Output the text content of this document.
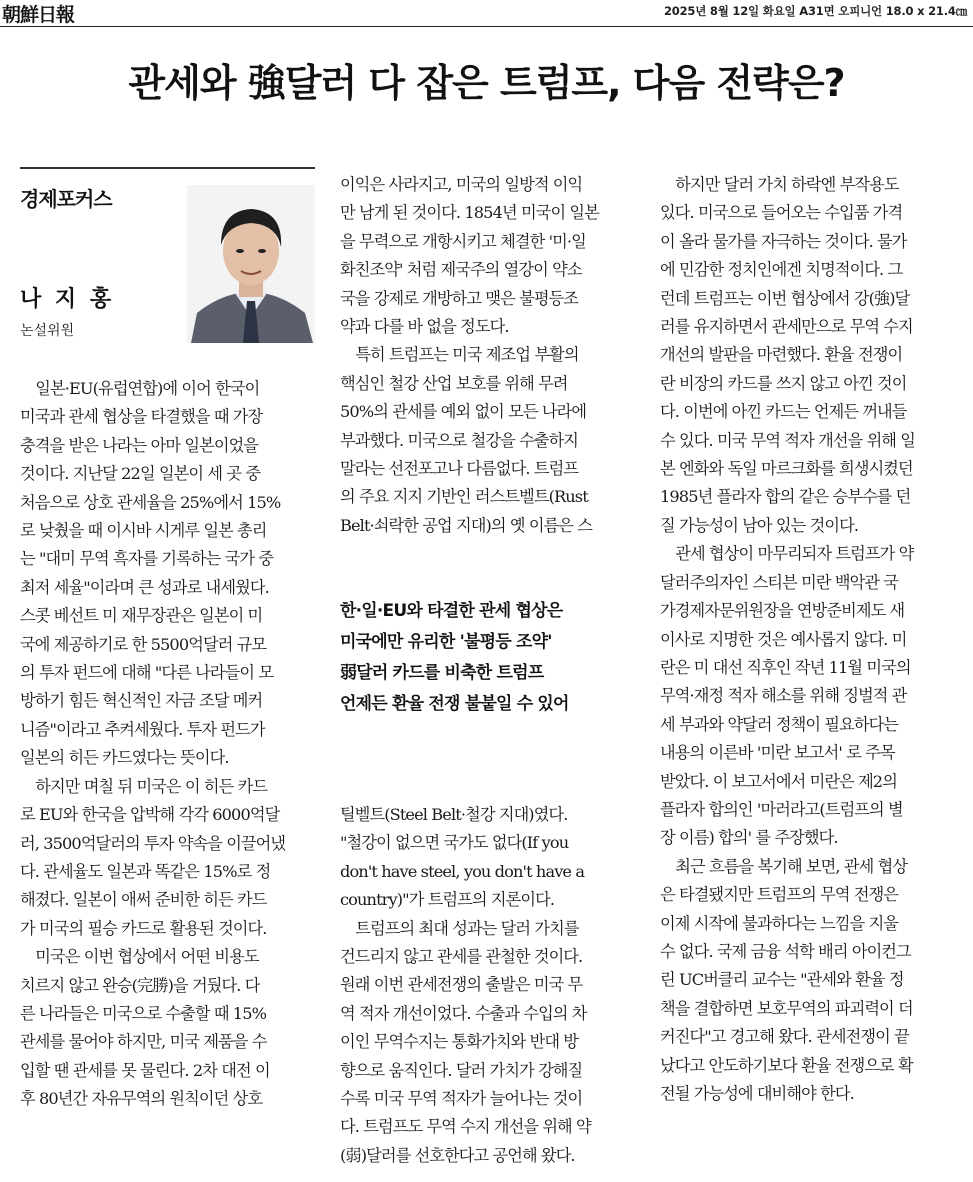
朝鮮日報	2025년 8월 12일 화요일 A31면 오피니언 18.0 x 21.4㎝
관세와 強달러 다 잡은 트럼프, 다음 전략은?
경제포커스
나 지 홍
논설위원

　일본·EU(유럽연합)에 이어 한국이

미국과 관세 협상을 타결했을 때 가장

충격을 받은 나라는 아마 일본이었을

것이다. 지난달 22일 일본이 세 곳 중

처음으로 상호 관세율을 25%에서 15%

로 낮췄을 때 이시바 시게루 일본 총리

는 "대미 무역 흑자를 기록하는 국가 중

최저 세율"이라며 큰 성과로 내세웠다.

스콧 베선트 미 재무장관은 일본이 미

국에 제공하기로 한 5500억달러 규모

의 투자 펀드에 대해 "다른 나라들이 모

방하기 힘든 혁신적인 자금 조달 메커

니즘"이라고 추켜세웠다. 투자 펀드가

일본의 히든 카드였다는 뜻이다.

　하지만 며칠 뒤 미국은 이 히든 카드

로 EU와 한국을 압박해 각각 6000억달

러, 3500억달러의 투자 약속을 이끌어냈

다. 관세율도 일본과 똑같은 15%로 정

해졌다. 일본이 애써 준비한 히든 카드

가 미국의 필승 카드로 활용된 것이다.

　미국은 이번 협상에서 어떤 비용도

치르지 않고 완승(完勝)을 거뒀다. 다

른 나라들은 미국으로 수출할 때 15%

관세를 물어야 하지만, 미국 제품을 수

입할 땐 관세를 못 물린다. 2차 대전 이

후 80년간 자유무역의 원칙이던 상호

이익은 사라지고, 미국의 일방적 이익

만 남게 된 것이다. 1854년 미국이 일본

을 무력으로 개항시키고 체결한 '미·일

화친조약' 처럼 제국주의 열강이 약소

국을 강제로 개방하고 맺은 불평등조

약과 다를 바 없을 정도다.

　특히 트럼프는 미국 제조업 부활의

핵심인 철강 산업 보호를 위해 무려

50%의 관세를 예외 없이 모든 나라에

부과했다. 미국으로 철강을 수출하지

말라는 선전포고나 다름없다. 트럼프

의 주요 지지 기반인 러스트벨트(Rust

Belt·쇠락한 공업 지대)의 옛 이름은 스

한·일·EU와 타결한 관세 협상은

미국에만 유리한 '불평등 조약'

弱달러 카드를 비축한 트럼프

언제든 환율 전쟁 불붙일 수 있어

틸벨트(Steel Belt·철강 지대)였다.

"철강이 없으면 국가도 없다(If you

don't have steel, you don't have a

country)"가 트럼프의 지론이다.

　트럼프의 최대 성과는 달러 가치를

건드리지 않고 관세를 관철한 것이다.

원래 이번 관세전쟁의 출발은 미국 무

역 적자 개선이었다. 수출과 수입의 차

이인 무역수지는 통화가치와 반대 방

향으로 움직인다. 달러 가치가 강해질

수록 미국 무역 적자가 늘어나는 것이

다. 트럼프도 무역 수지 개선을 위해 약

(弱)달러를 선호한다고 공언해 왔다.

　하지만 달러 가치 하락엔 부작용도

있다. 미국으로 들어오는 수입품 가격

이 올라 물가를 자극하는 것이다. 물가

에 민감한 정치인에겐 치명적이다. 그

런데 트럼프는 이번 협상에서 강(強)달

러를 유지하면서 관세만으로 무역 수지

개선의 발판을 마련했다. 환율 전쟁이

란 비장의 카드를 쓰지 않고 아낀 것이

다. 이번에 아낀 카드는 언제든 꺼내들

수 있다. 미국 무역 적자 개선을 위해 일

본 엔화와 독일 마르크화를 희생시켰던

1985년 플라자 합의 같은 승부수를 던

질 가능성이 남아 있는 것이다.

　관세 협상이 마무리되자 트럼프가 약

달러주의자인 스티븐 미란 백악관 국

가경제자문위원장을 연방준비제도 새

이사로 지명한 것은 예사롭지 않다. 미

란은 미 대선 직후인 작년 11월 미국의

무역·재정 적자 해소를 위해 징벌적 관

세 부과와 약달러 정책이 필요하다는

내용의 이른바 '미란 보고서' 로 주목

받았다. 이 보고서에서 미란은 제2의

플라자 합의인 '마러라고(트럼프의 별

장 이름) 합의' 를 주장했다.

　최근 흐름을 복기해 보면, 관세 협상

은 타결됐지만 트럼프의 무역 전쟁은

이제 시작에 불과하다는 느낌을 지울

수 없다. 국제 금융 석학 배리 아이컨그

린 UC버클리 교수는 "관세와 환율 정

책을 결합하면 보호무역의 파괴력이 더

커진다"고 경고해 왔다. 관세전쟁이 끝

났다고 안도하기보다 환율 전쟁으로 확

전될 가능성에 대비해야 한다.
